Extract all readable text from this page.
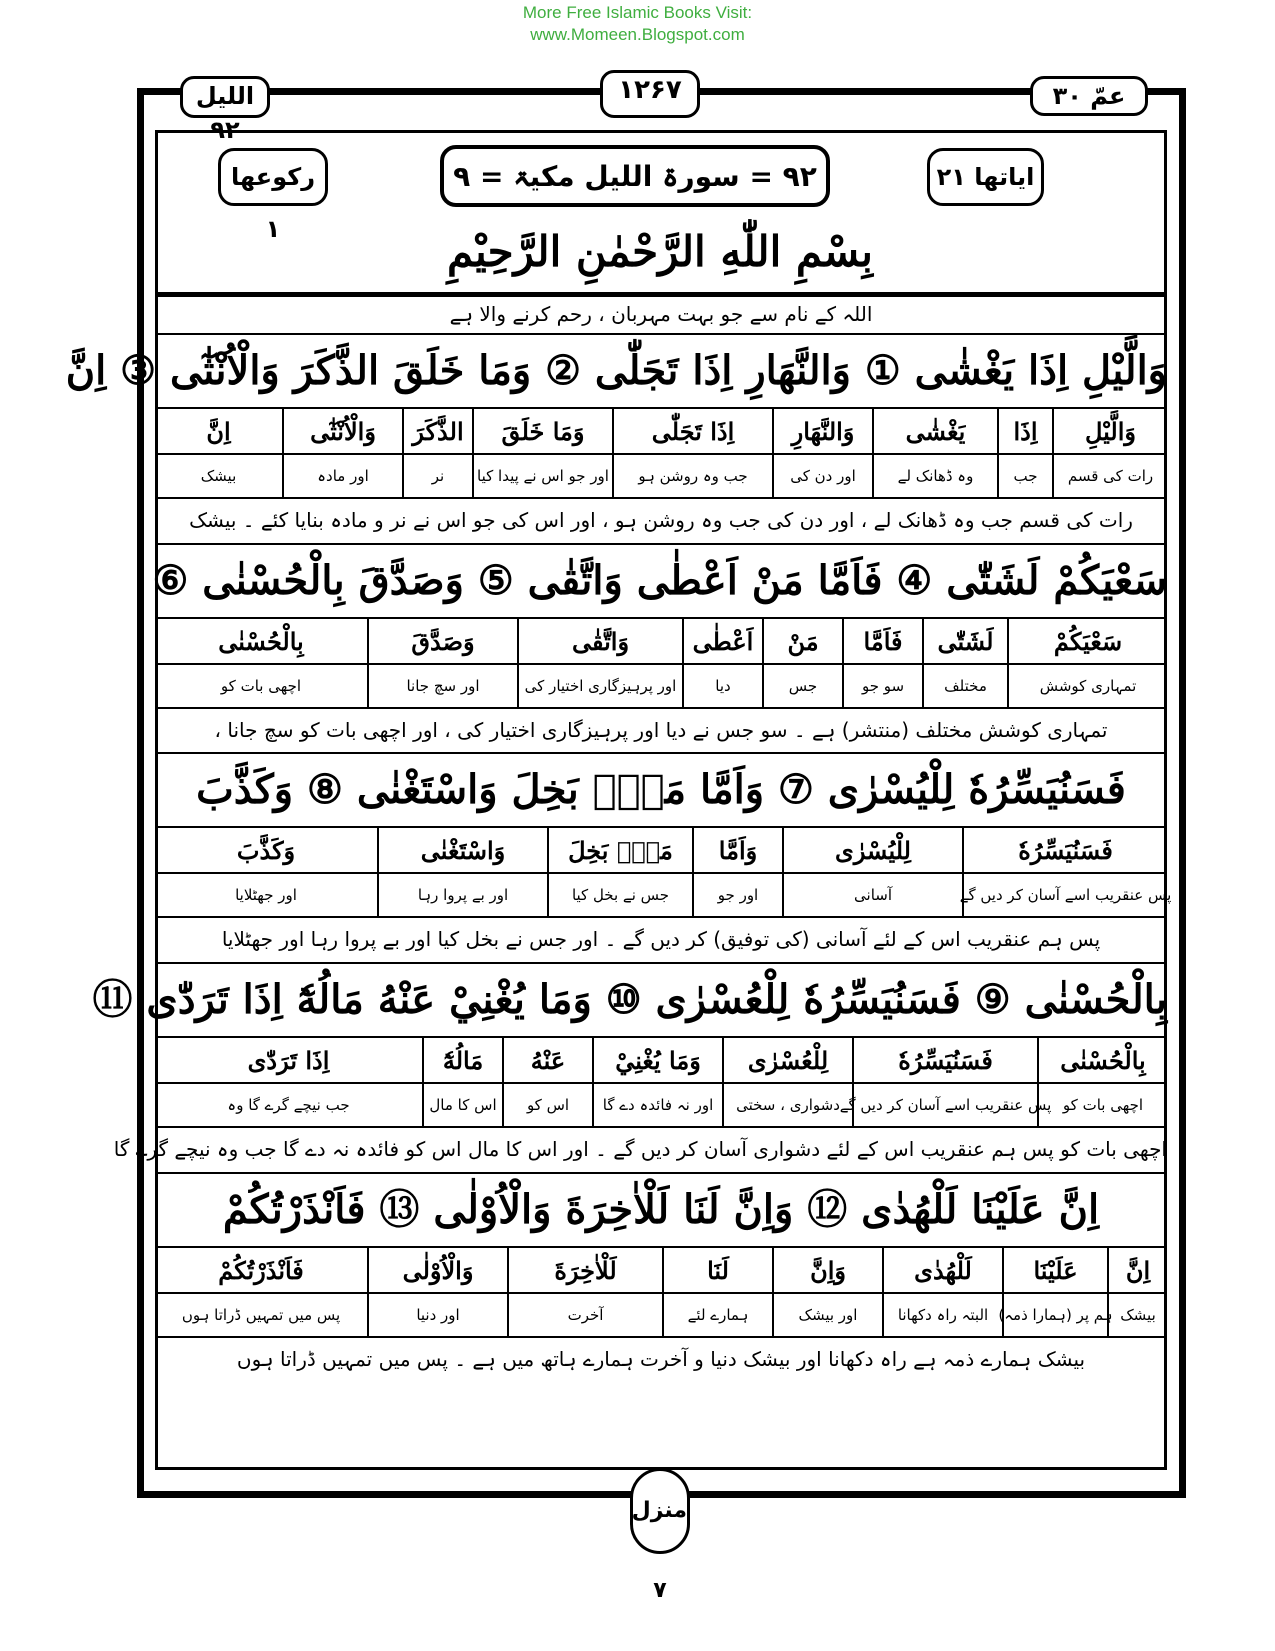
More Free Islamic Books Visit:
www.Momeen.Blogspot.com
اللیل ۹۲
۱۲۶۷	عمّ ۳۰
رکوعھا ۱
۹۲ = سورۃ اللیل مکیۃ = ۹	ایاتھا ۲۱
بِسْمِ اللّٰهِ الرَّحْمٰنِ الرَّحِيْمِ
اللہ کے نام سے جو بہت مہربان ، رحم کرنے والا ہے
وَالَّيْلِ اِذَا يَغْشٰى ① وَالنَّهَارِ اِذَا تَجَلّٰى ② وَمَا خَلَقَ الذَّكَرَ وَالْاُنْثٰٓى ③ اِنَّ
وَالَّيْلِ
اِذَا
يَغْشٰى
وَالنَّهَارِ
اِذَا تَجَلّٰى
وَمَا خَلَقَ
الذَّكَرَ
وَالْاُنْثٰٓى
اِنَّ
رات کی قسم
جب
وہ ڈھانک لے
اور دن کی
جب وہ روشن ہو
اور جو اس نے پیدا کیا
نر
اور مادہ
بیشک
رات کی قسم جب وہ ڈھانک لے ، اور دن کی جب وہ روشن ہو ، اور اس کی جو اس نے نر و مادہ بنایا کئے ۔ بیشک
سَعْيَكُمْ لَشَتّٰى ④ فَاَمَّا مَنْ اَعْطٰى وَاتَّقٰى ⑤ وَصَدَّقَ بِالْحُسْنٰى ⑥
سَعْيَكُمْ
لَشَتّٰى
فَاَمَّا
مَنْ
اَعْطٰى
وَاتَّقٰى
وَصَدَّقَ
بِالْحُسْنٰى
تمہاری کوشش
مختلف
سو جو
جس
دیا
اور پرہیزگاری اختیار کی
اور سچ جانا
اچھی بات کو
تمہاری کوشش مختلف (منتشر) ہے ۔ سو جس نے دیا اور پرہیزگاری اختیار کی ، اور اچھی بات کو سچ جانا ،
فَسَنُيَسِّرُهٗ لِلْيُسْرٰى ⑦ وَاَمَّا مَنْۢ بَخِلَ وَاسْتَغْنٰى ⑧ وَكَذَّبَ
فَسَنُيَسِّرُهٗ
لِلْيُسْرٰى
وَاَمَّا
مَنْۢ بَخِلَ
وَاسْتَغْنٰى
وَكَذَّبَ
پس عنقریب اسے آسان کر دیں گے
آسانی
اور جو
جس نے بخل کیا
اور بے پروا رہا
اور جھٹلایا
پس ہم عنقریب اس کے لئے آسانی (کی توفیق) کر دیں گے ۔ اور جس نے بخل کیا اور بے پروا رہا اور جھٹلایا
بِالْحُسْنٰى ⑨ فَسَنُيَسِّرُهٗ لِلْعُسْرٰى ⑩ وَمَا يُغْنِيْ عَنْهُ مَالُهٗٓ اِذَا تَرَدّٰى ⑪
بِالْحُسْنٰى
فَسَنُيَسِّرُهٗ
لِلْعُسْرٰى
وَمَا يُغْنِيْ
عَنْهُ
مَالُهٗٓ
اِذَا تَرَدّٰى
اچھی بات کو
پس عنقریب اسے آسان کر دیں گے
دشواری ، سختی
اور نہ فائدہ دے گا
اس کو
اس کا مال
جب نیچے گرے گا وہ
اچھی بات کو پس ہم عنقریب اس کے لئے دشواری آسان کر دیں گے ۔ اور اس کا مال اس کو فائدہ نہ دے گا جب وہ نیچے گرے گا
اِنَّ عَلَيْنَا لَلْهُدٰى ⑫ وَاِنَّ لَنَا لَلْاٰخِرَةَ وَالْاُوْلٰى ⑬ فَاَنْذَرْتُكُمْ
اِنَّ
عَلَيْنَا
لَلْهُدٰى
وَاِنَّ
لَنَا
لَلْاٰخِرَةَ
وَالْاُوْلٰى
فَاَنْذَرْتُكُمْ
بیشک
ہم پر (ہمارا ذمہ)
البتہ راہ دکھانا
اور بیشک
ہمارے لئے
آخرت
اور دنیا
پس میں تمہیں ڈراتا ہوں
بیشک ہمارے ذمہ ہے راہ دکھانا اور بیشک دنیا و آخرت ہمارے ہاتھ میں ہے ۔ پس میں تمہیں ڈراتا ہوں
منزل ۷
